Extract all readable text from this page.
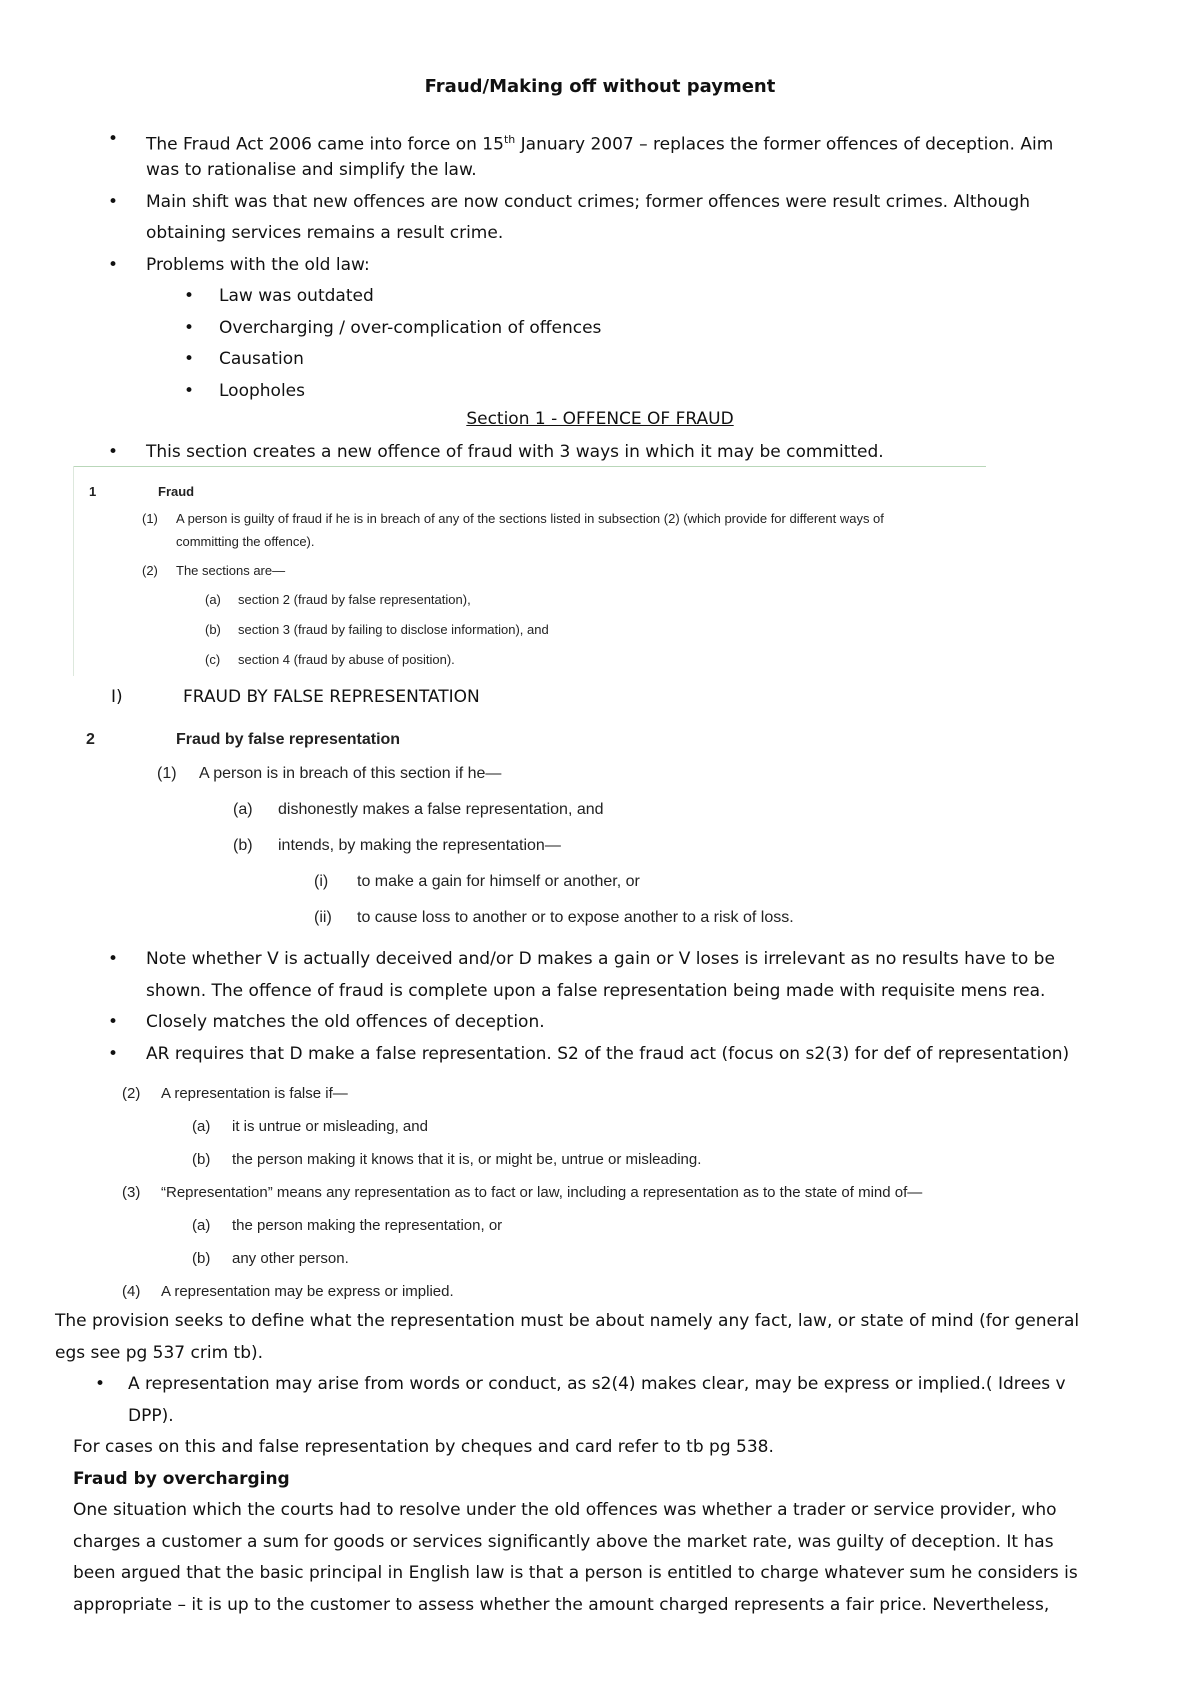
Fraud/Making off without payment
• The Fraud Act 2006 came into force on 15th January 2007 – replaces the former offences of deception. Aim
was to rationalise and simplify the law.
• Main shift was that new offences are now conduct crimes; former offences were result crimes. Although
obtaining services remains a result crime.
• Problems with the old law:
• Law was outdated
• Overcharging / over-complication of offences
• Causation
• Loopholes
Section 1 - OFFENCE OF FRAUD
• This section creates a new offence of fraud with 3 ways in which it may be committed.
1	Fraud
(1) A person is guilty of fraud if he is in breach of any of the sections listed in subsection (2) (which provide for different ways of
committing the offence).
(2) The sections are—
(a) section 2 (fraud by false representation),
(b) section 3 (fraud by failing to disclose information), and
(c) section 4 (fraud by abuse of position).
I)	FRAUD BY FALSE REPRESENTATION
2	Fraud by false representation
(1) A person is in breach of this section if he—
(a) dishonestly makes a false representation, and
(b) intends, by making the representation—
(i) to make a gain for himself or another, or
(ii) to cause loss to another or to expose another to a risk of loss.
• Note whether V is actually deceived and/or D makes a gain or V loses is irrelevant as no results have to be
shown. The offence of fraud is complete upon a false representation being made with requisite mens rea.
• Closely matches the old offences of deception.
• AR requires that D make a false representation. S2 of the fraud act (focus on s2(3) for def of representation)
(2) A representation is false if—
(a) it is untrue or misleading, and
(b) the person making it knows that it is, or might be, untrue or misleading.
(3) “Representation” means any representation as to fact or law, including a representation as to the state of mind of—
(a) the person making the representation, or
(b) any other person.
(4) A representation may be express or implied.
The provision seeks to define what the representation must be about namely any fact, law, or state of mind (for general
egs see pg 537 crim tb).
• A representation may arise from words or conduct, as s2(4) makes clear, may be express or implied.( Idrees v
DPP).
For cases on this and false representation by cheques and card refer to tb pg 538.
Fraud by overcharging
One situation which the courts had to resolve under the old offences was whether a trader or service provider, who
charges a customer a sum for goods or services significantly above the market rate, was guilty of deception. It has
been argued that the basic principal in English law is that a person is entitled to charge whatever sum he considers is
appropriate – it is up to the customer to assess whether the amount charged represents a fair price. Nevertheless,
